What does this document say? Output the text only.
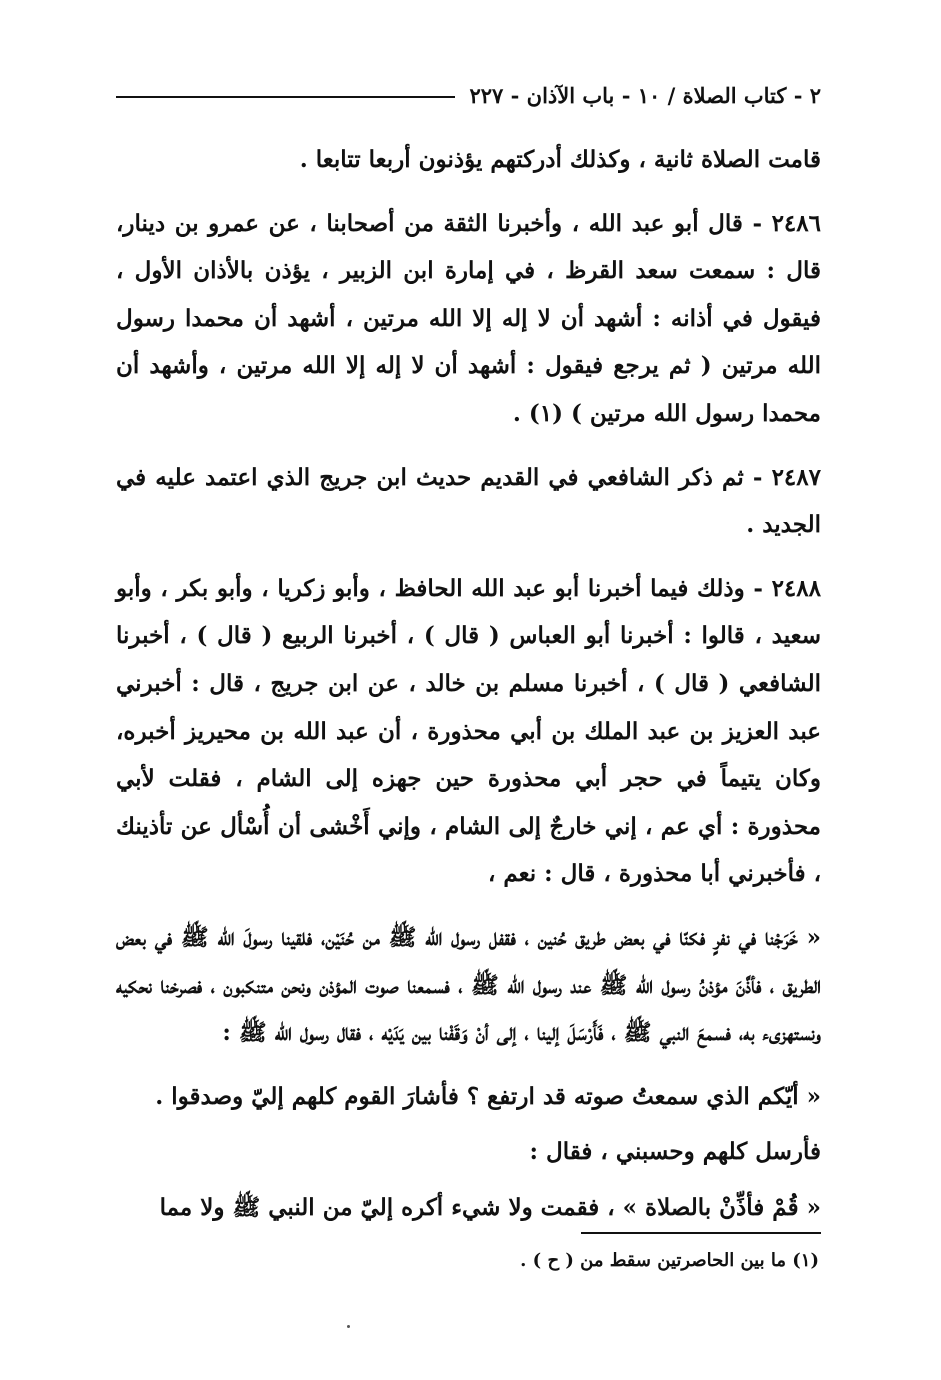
٢ - كتاب الصلاة / ١٠ - باب الآذان - ٢٢٧

قامت الصلاة ثانية ، وكذلك أدركتهم يؤذنون أربعا تتابعا .

٢٤٨٦ - قال أبو عبد الله ، وأخبرنا الثقة من أصحابنا ، عن عمرو بن دينار، قال : سمعت سعد القرظ ، في إمارة ابن الزبير ، يؤذن بالأذان الأول ، فيقول في أذانه : أشهد أن لا إله إلا الله مرتين ، أشهد أن محمدا رسول الله مرتين ( ثم يرجع فيقول : أشهد أن لا إله إلا الله مرتين ، وأشهد أن محمدا رسول الله مرتين ) (١) .

٢٤٨٧ - ثم ذكر الشافعي في القديم حديث ابن جريج الذي اعتمد عليه في الجديد .

٢٤٨٨ - وذلك فيما أخبرنا أبو عبد الله الحافظ ، وأبو زكريا ، وأبو بكر ، وأبو سعيد ، قالوا : أخبرنا أبو العباس ( قال ) ، أخبرنا الربيع ( قال ) ، أخبرنا الشافعي ( قال ) ، أخبرنا مسلم بن خالد ، عن ابن جريج ، قال : أخبرني عبد العزيز بن عبد الملك بن أبي محذورة ، أن عبد الله بن محيريز أخبره، وكان يتيماً في حجر أبي محذورة حين جهزه إلى الشام ، فقلت لأبي محذورة : أي عم ، إني خارجٌ إلى الشام ، وإني أَخْشى أن أُسْأل عن تأذينك ، فأخبرني أبا محذورة ، قال : نعم ،

« خَرَجْنا في نفرٍ فكنّا في بعض طريق حُنين ، فقفل رسول الله ﷺ من حُنَيْن، فلقينا رسولَ الله ﷺ في بعض الطريق ، فأذَّنَ مؤذنُ رسول الله ﷺ عند رسول الله ﷺ ، فسمعنا صوت المؤذن ونحن متنكبون ، فصرخنا نحكيه ونستهزىء به، فسمعَ النبي ﷺ ، فَأَرْسَلَ إلينا ، إلى أنْ وَقَفْنا بين يَدَيْه ، فقال رسول الله ﷺ :

« أيّكم الذي سمعتُ صوته قد ارتفع ؟ فأشارَ القوم كلهم إليّ وصدقوا .

فأرسل كلهم وحسبني ، فقال :

« قُمْ فأذِّنْ بالصلاة » ، فقمت ولا شيء أكره إليّ من النبي ﷺ ولا مما

(١) ما بين الحاصرتين سقط من ( ح ) .
